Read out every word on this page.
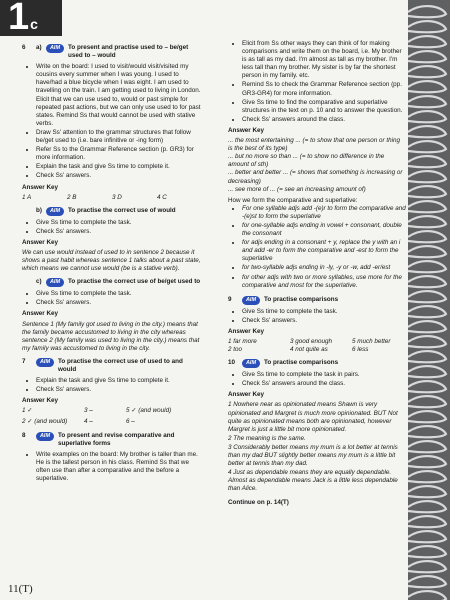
1 c
6	a)	AIM	To present and practise used to – be/get used to – would
• Write on the board: I used to visit/would visit/visited my cousins every summer when I was young. I used to have/had a blue bicycle when I was eight. I am used to travelling on the train. I am getting used to living in London. Elicit that we can use used to, would or past simple for repeated past actions, but we can only use used to for past states. Remind Ss that would cannot be used with stative verbs.
• Draw Ss' attention to the grammar structures that follow be/get used to (i.e. bare infinitive or -ing form)
• Refer Ss to the Grammar Reference section (p. GR3) for more information.
• Explain the task and give Ss time to complete it.
• Check Ss' answers.
Answer Key
1 A	2 B	3 D	4 C
b)	AIM	To practise the correct use of would
• Give Ss time to complete the task.
• Check Ss' answers.
Answer Key
We can use would instead of used to in sentence 2 because it shows a past habit whereas sentence 1 talks about a past state, which means we cannot use would (be is a stative verb).
c)	AIM	To practise the correct use of be/get used to
• Give Ss time to complete the task.
• Check Ss' answers.
Answer Key
Sentence 1 (My family got used to living in the city.) means that the family became accustomed to living in the city whereas sentence 2 (My family was used to living in the city.) means that my family was accustomed to living in the city.
7	AIM	To practise the correct use of used to and would
• Explain the task and give Ss time to complete it.
• Check Ss' answers.
Answer Key
1 ✓	3 –	5 ✓ (and would)
2 ✓ (and would)	4 –	6 –
8	AIM	To present and revise comparative and superlative forms
• Write examples on the board: My brother is taller than me. He is the tallest person in his class. Remind Ss that we often use than after a comparative and the before a superlative.
• Elicit from Ss other ways they can think of for making comparisons and write them on the board, i.e. My brother is as tall as my dad. I'm almost as tall as my brother. I'm less tall than my brother. My sister is by far the shortest person in my family. etc.
• Remind Ss to check the Grammar Reference section (pp. GR3-GR4) for more information.
• Give Ss time to find the comparative and superlative structures in the text on p. 10 and to answer the question.
• Check Ss' answers around the class.
Answer Key
... the most entertaining ... (= to show that one person or thing is the best of its type)
... but no more so than ... (= to show no difference in the amount of sth)
... better and better ... (= shows that something is increasing or decreasing)
... see more of ... (= see an increasing amount of)
How we form the comparative and superlative:
• For one syllable adjs add -(e)r to form the comparative and -(e)st to form the superlative
• for one-syllable adjs ending in vowel + consonant, double the consonant
• for adjs ending in a consonant + y, replace the y with an i and add -er to form the comparative and -est to form the superlative
• for two-syllable adjs ending in -ly, -y or -w, add -er/est
• for other adjs with two or more syllables, use more for the comparative and most for the superlative.
9	AIM	To practise comparisons
• Give Ss time to complete the task.
• Check Ss' answers.
Answer Key
1 far more	3 good enough	5 much better
2 too	4 not quite as	6 less
10	AIM	To practise comparisons
• Give Ss time to complete the task in pairs.
• Check Ss' answers around the class.
Answer Key
1 Nowhere near as opinionated means Shawn is very opinionated and Margret is much more opinionated. BUT Not quite as opinionated means both are opinionated, however Margret is just a little bit more opinionated.
2 The meaning is the same.
3 Considerably better means my mum is a lot better at tennis than my dad BUT slightly better means my mum is a little bit better at tennis than my dad.
4 Just as dependable means they are equally dependable. Almost as dependable means Jack is a little less dependable than Alice.
Continue on p. 14(T)
11(T)
